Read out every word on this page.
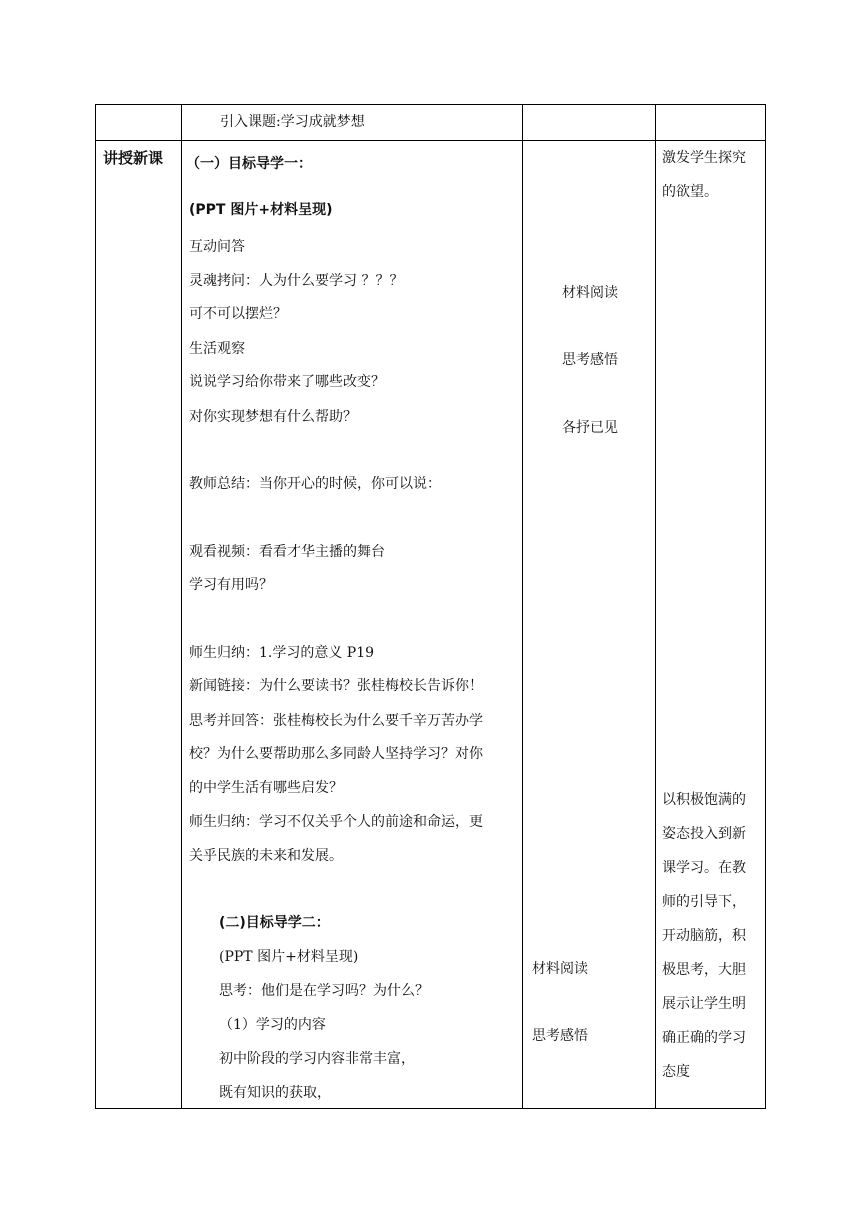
引入课题:学习成就梦想
讲授新课 （一）目标导学一：
(PPT 图片+材料呈现)
互动问答
灵魂拷问：人为什么要学习 ？？？
可不可以摆烂？
生活观察
说说学习给你带来了哪些改变？
对你实现梦想有什么帮助？
教师总结：当你开心的时候，你可以说：
观看视频：看看才华主播的舞台
学习有用吗？
师生归纳：1.学习的意义 P19
新闻链接：为什么要读书？张桂梅校长告诉你！
思考并回答：张桂梅校长为什么要千辛万苦办学
校？为什么要帮助那么多同龄人坚持学习？对你
的中学生活有哪些启发？
师生归纳：学习不仅关乎个人的前途和命运，更
关乎民族的未来和发展。
(二)目标导学二：
(PPT 图片+材料呈现)
思考：他们是在学习吗？为什么？
（1）学习的内容
初中阶段的学习内容非常丰富，
既有知识的获取，
材料阅读
思考感悟
各抒已见
材料阅读
思考感悟
激发学生探究
的欲望。
以积极饱满的
姿态投入到新
课学习。在教
师的引导下，
开动脑筋，积
极思考，大胆
展示让学生明
确正确的学习
态度
